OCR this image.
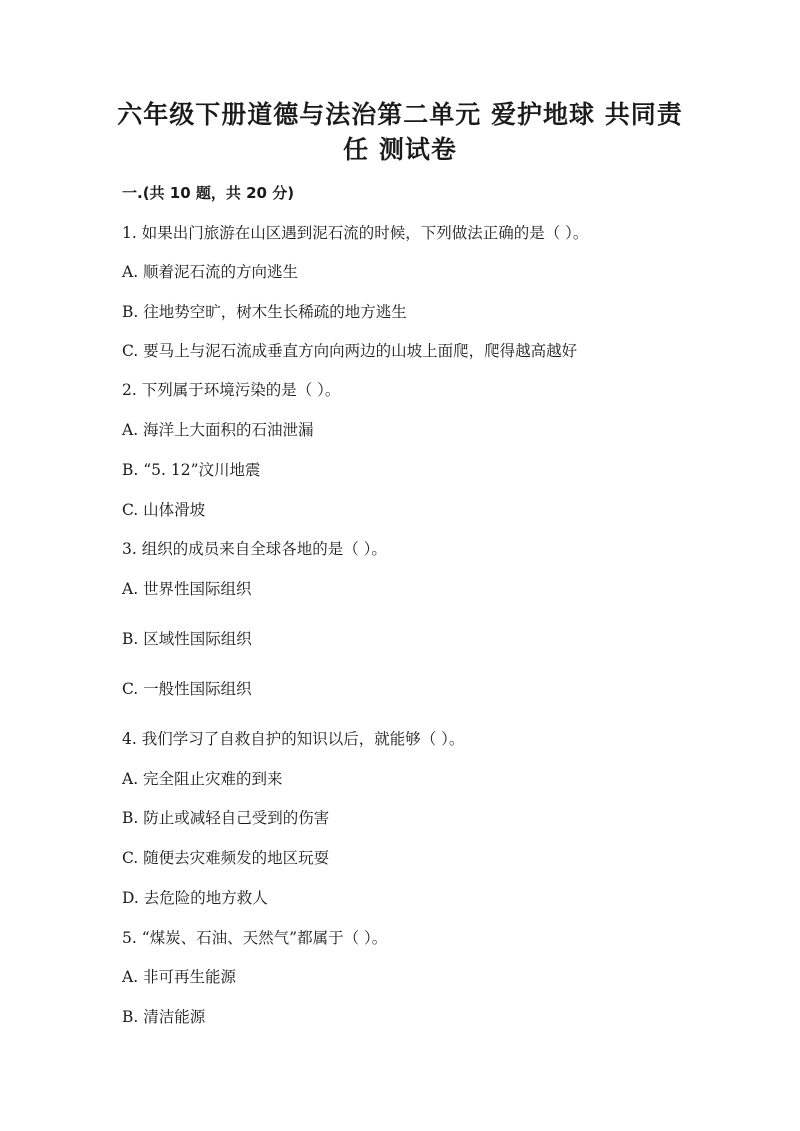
六年级下册道德与法治第二单元 爱护地球 共同责
任 测试卷
一.(共 10 题，共 20 分)
1. 如果出门旅游在山区遇到泥石流的时候，下列做法正确的是（ ）。
A. 顺着泥石流的方向逃生
B. 往地势空旷，树木生长稀疏的地方逃生
C. 要马上与泥石流成垂直方向向两边的山坡上面爬，爬得越高越好
2. 下列属于环境污染的是（ ）。
A. 海洋上大面积的石油泄漏
B. “5. 12”汶川地震
C. 山体滑坡
3. 组织的成员来自全球各地的是（ ）。
A. 世界性国际组织
B. 区域性国际组织
C. 一般性国际组织
4. 我们学习了自救自护的知识以后，就能够（ ）。
A. 完全阻止灾难的到来
B. 防止或减轻自己受到的伤害
C. 随便去灾难频发的地区玩耍
D. 去危险的地方救人
5. “煤炭、石油、天然气”都属于（ ）。
A. 非可再生能源
B. 清洁能源
